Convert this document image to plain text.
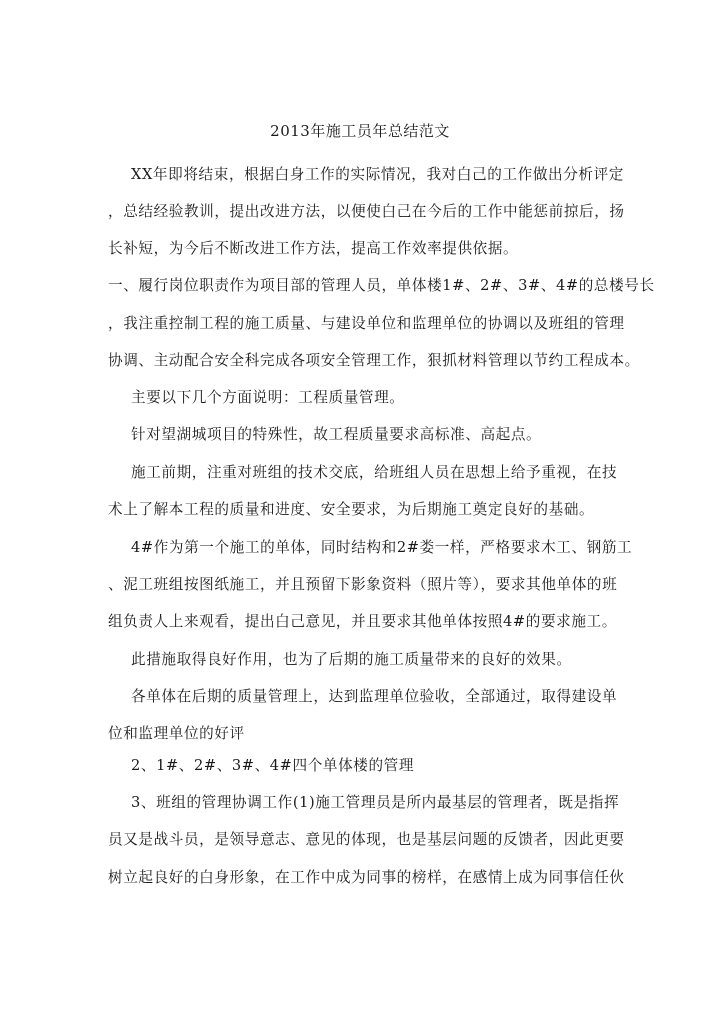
2013年施工员年总结范文
XX年即将结束，根据白身工作的实际情况，我对白己的工作做出分析评定
，总结经验教训，提出改进方法，以便使白己在今后的工作中能惩前掠后，扬
长补短，为今后不断改进工作方法，提高工作效率提供依据。
一、履行岗位职责作为项目部的管理人员，单体楼1#、2#、3#、4#的总楼号长
，我注重控制工程的施工质量、与建设单位和监理单位的协调以及班组的管理
协调、主动配合安全科完成各项安全管理工作，狠抓材料管理以节约工程成本。
主要以下几个方面说明：工程质量管理。
针对望湖城项目的特殊性，故工程质量要求高标准、高起点。
施工前期，注重对班组的技术交底，给班组人员在思想上给予重视，在技
术上了解本工程的质量和进度、安全要求，为后期施工奠定良好的基础。
4#作为第一个施工的单体，同时结构和2#娄一样，严格要求木工、钢筋工
、泥工班组按图纸施工，并且预留下影象资料（照片等），要求其他单体的班
组负责人上来观看，提出白己意见，并且要求其他单体按照4#的要求施工。
此措施取得良好作用，也为了后期的施工质量带来的良好的效果。
各单体在后期的质量管理上，达到监理单位验收，全部通过，取得建设单
位和监理单位的好评
2、1#、2#、3#、4#四个单体楼的管理
3、班组的管理协调工作(1)施工管理员是所内最基层的管理者，既是指挥
员又是战斗员，是领导意志、意见的体现，也是基层问题的反馈者，因此更要
树立起良好的白身形象，在工作中成为同事的榜样，在感情上成为同事信任伙
